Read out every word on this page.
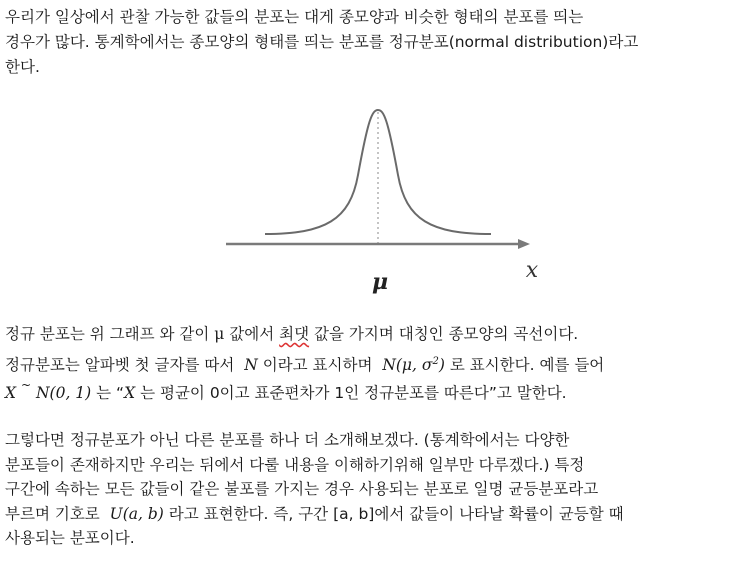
우리가 일상에서 관찰 가능한 값들의 분포는 대게 종모양과 비슷한 형태의 분포를 띄는
경우가 많다. 통계학에서는 종모양의 형태를 띄는 분포를 정규분포(normal distribution)라고
한다.
μ	x
정규 분포는 위 그래프 와 같이 μ 값에서 최댓 값을 가지며 대칭인 종모양의 곡선이다.
정규분포는 알파벳 첫 글자를 따서 N 이라고 표시하며 N(μ, $\sigma^2$) 로 표시한다. 예를 들어
X ~ N(0, 1) 는 “X 는 평균이 0이고 표준편차가 1인 정규분포를 따른다”고 말한다.
그렇다면 정규분포가 아닌 다른 분포를 하나 더 소개해보겠다. (통계학에서는 다양한
분포들이 존재하지만 우리는 뒤에서 다룰 내용을 이해하기위해 일부만 다루겠다.) 특정
구간에 속하는 모든 값들이 같은 불포를 가지는 경우 사용되는 분포로 일명 균등분포라고
부르며 기호로 U(a, b) 라고 표현한다. 즉, 구간 [a, b]에서 값들이 나타날 확률이 균등할 때
사용되는 분포이다.
